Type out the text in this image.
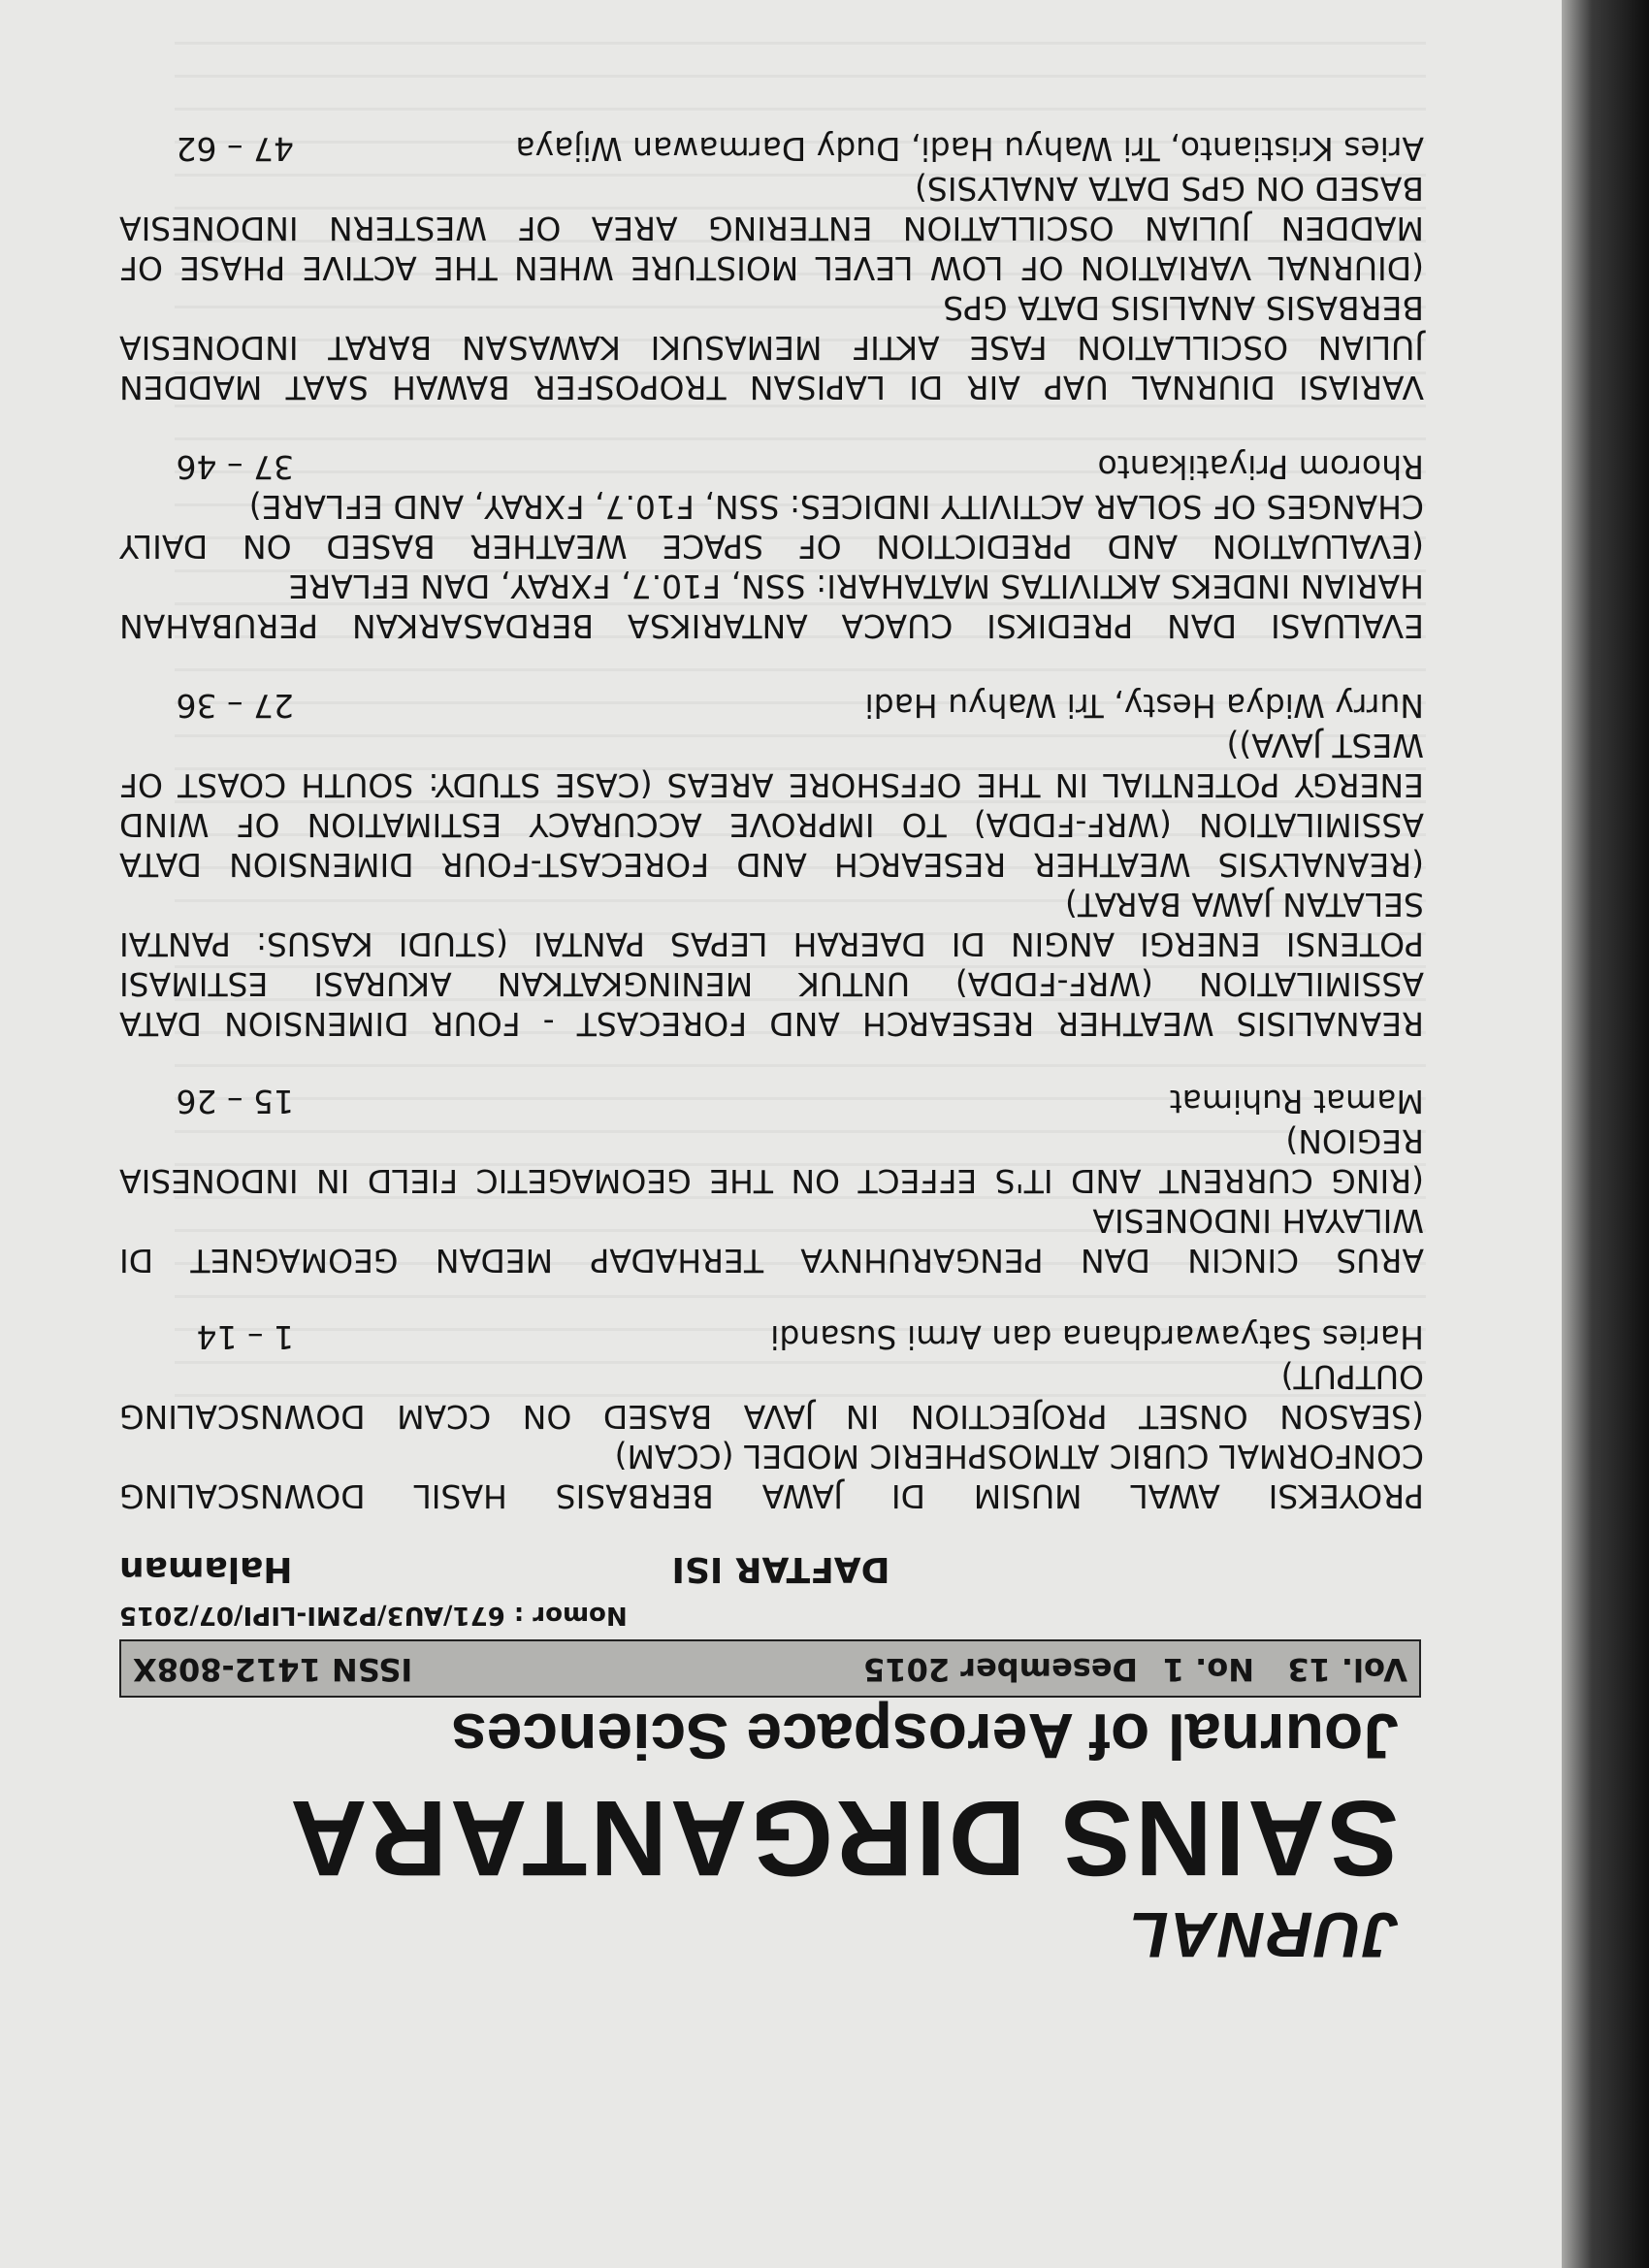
JURNAL
SAINS DIRGANTARA
Journal of Aerospace Sciences
Vol. 13
No. 1
Desember 2015
ISSN 1412-808X
Nomor : 671/AU3/P2MI-LIPI/07/2015
DAFTAR ISI
Halaman
PROYEKSI AWAL MUSIM DI JAWA BERBASIS HASIL DOWNSCALING
CONFORMAL CUBIC ATMOSPHERIC MODEL (CCAM)
(SEASON ONSET PROJECTION IN JAVA BASED ON CCAM DOWNSCALING
OUTPUT)
Haries Satyawardhana dan Armi Susandi
1 – 14
ARUS CINCIN DAN PENGARUHNYA TERHADAP MEDAN GEOMAGNET DI
WILAYAH INDONESIA
(RING CURRENT AND IT'S EFFECT ON THE GEOMAGETIC FIELD IN INDONESIA
REGION)
Mamat Ruhimat
15 – 26
REANALISIS WEATHER RESEARCH AND FORECAST - FOUR DIMENSION DATA
ASSIMILATION (WRF-FDDA) UNTUK MENINGKATKAN AKURASI ESTIMASI
POTENSI ENERGI ANGIN DI DAERAH LEPAS PANTAI (STUDI KASUS: PANTAI
SELATAN JAWA BARAT)
(REANALYSIS WEATHER RESEARCH AND FORECAST-FOUR DIMENSION DATA
ASSIMILATION (WRF-FDDA) TO IMPROVE ACCURACY ESTIMATION OF WIND
ENERGY POTENTIAL IN THE OFFSHORE AREAS (CASE STUDY: SOUTH COAST OF
WEST JAVA))
Nurry Widya Hesty, Tri Wahyu Hadi
27 – 36
EVALUASI DAN PREDIKSI CUACA ANTARIKSA BERDASARKAN PERUBAHAN
HARIAN INDEKS AKTIVITAS MATAHARI: SSN, F10.7, FXRAY, DAN EFLARE
(EVALUATION AND PREDICTION OF SPACE WEATHER BASED ON DAILY
CHANGES OF SOLAR ACTIVITY INDICES: SSN, F10.7, FXRAY, AND EFLARE)
Rhorom Priyatikanto
37 – 46
VARIASI DIURNAL UAP AIR DI LAPISAN TROPOSFER BAWAH SAAT MADDEN
JULIAN OSCILLATION FASE AKTIF MEMASUKI KAWASAN BARAT INDONESIA
BERBASIS ANALISIS DATA GPS
(DIURNAL VARIATION OF LOW LEVEL MOISTURE WHEN THE ACTIVE PHASE OF
MADDEN JULIAN OSCILLATION ENTERING AREA OF WESTERN INDONESIA
BASED ON GPS DATA ANALYSIS)
Aries Kristianto, Tri Wahyu Hadi, Dudy Darmawan Wijaya
47 – 62
